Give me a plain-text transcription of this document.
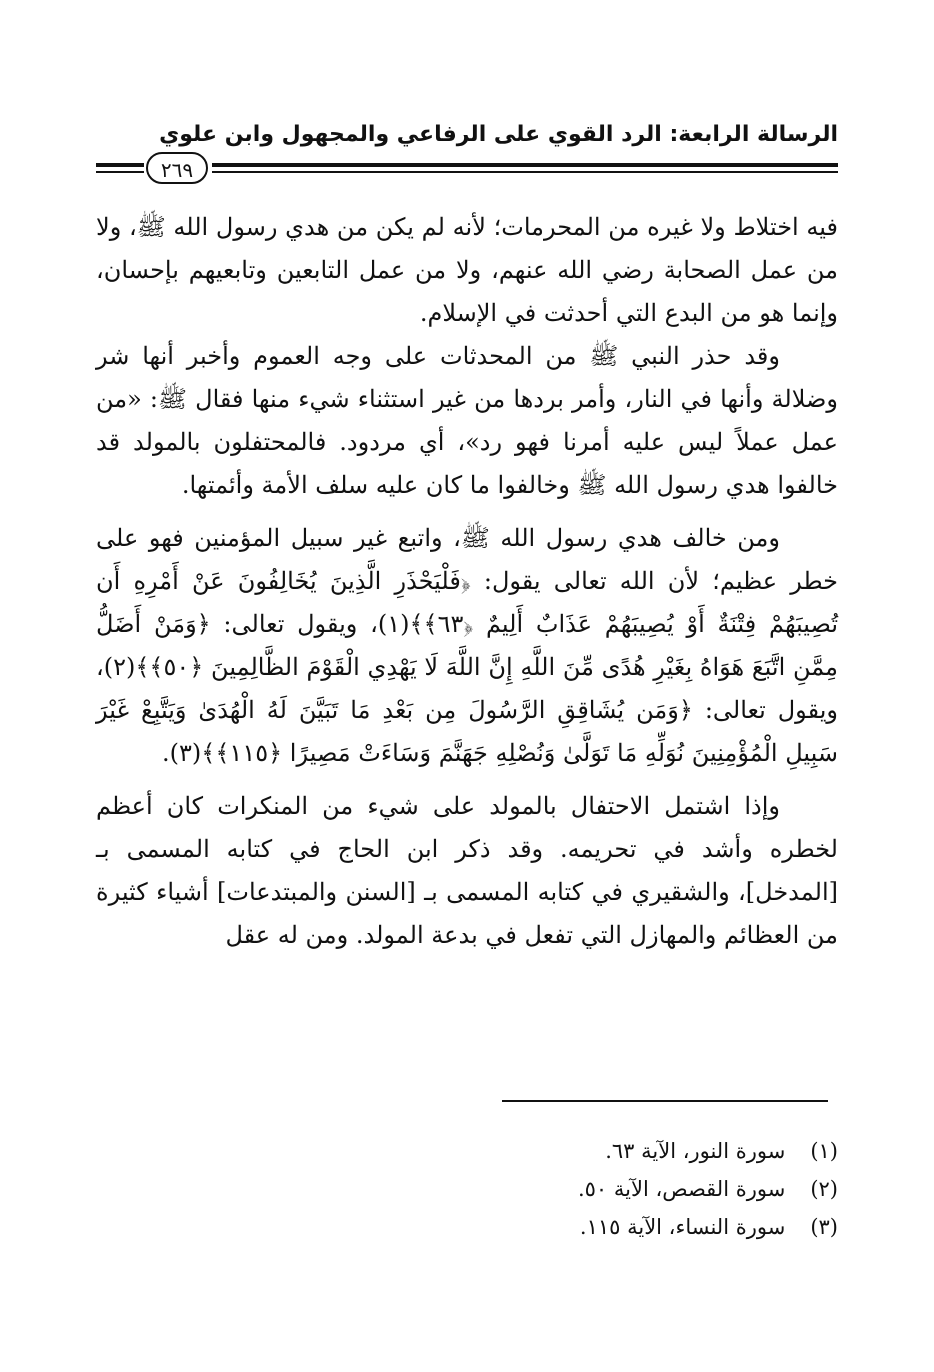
الرسالة الرابعة: الرد القوي على الرفاعي والمجهول وابن علوي
٢٦٩

فيه اختلاط ولا غيره من المحرمات؛ لأنه لم يكن من هدي رسول الله ﷺ، ولا من عمل الصحابة رضي الله عنهم، ولا من عمل التابعين وتابعيهم بإحسان، وإنما هو من البدع التي أحدثت في الإسلام.

وقد حذر النبي ﷺ من المحدثات على وجه العموم وأخبر أنها شر وضلالة وأنها في النار، وأمر بردها من غير استثناء شيء منها فقال ﷺ: «من عمل عملاً ليس عليه أمرنا فهو رد»، أي مردود. فالمحتفلون بالمولد قد خالفوا هدي رسول الله ﷺ وخالفوا ما كان عليه سلف الأمة وأئمتها.

ومن خالف هدي رسول الله ﷺ، واتبع غير سبيل المؤمنين فهو على خطر عظيم؛ لأن الله تعالى يقول: ﴿فَلْيَحْذَرِ الَّذِينَ يُخَالِفُونَ عَنْ أَمْرِهِ أَن تُصِيبَهُمْ فِتْنَةٌ أَوْ يُصِيبَهُمْ عَذَابٌ أَلِيمٌ ﴿٦٣﴾﴾(١)، ويقول تعالى: ﴿وَمَنْ أَضَلُّ مِمَّنِ اتَّبَعَ هَوَاهُ بِغَيْرِ هُدًى مِّنَ اللَّهِ إِنَّ اللَّهَ لَا يَهْدِي الْقَوْمَ الظَّالِمِينَ ﴿٥٠﴾﴾(٢)، ويقول تعالى: ﴿وَمَن يُشَاقِقِ الرَّسُولَ مِن بَعْدِ مَا تَبَيَّنَ لَهُ الْهُدَىٰ وَيَتَّبِعْ غَيْرَ سَبِيلِ الْمُؤْمِنِينَ نُوَلِّهِ مَا تَوَلَّىٰ وَنُصْلِهِ جَهَنَّمَ وَسَاءَتْ مَصِيرًا ﴿١١٥﴾﴾(٣).

وإذا اشتمل الاحتفال بالمولد على شيء من المنكرات كان أعظم لخطره وأشد في تحريمه. وقد ذكر ابن الحاج في كتابه المسمى بـ [المدخل]، والشقيري في كتابه المسمى بـ [السنن والمبتدعات] أشياء كثيرة من العظائم والمهازل التي تفعل في بدعة المولد. ومن له عقل

(١) سورة النور، الآية ٦٣.
(٢) سورة القصص، الآية ٥٠.
(٣) سورة النساء، الآية ١١٥.
